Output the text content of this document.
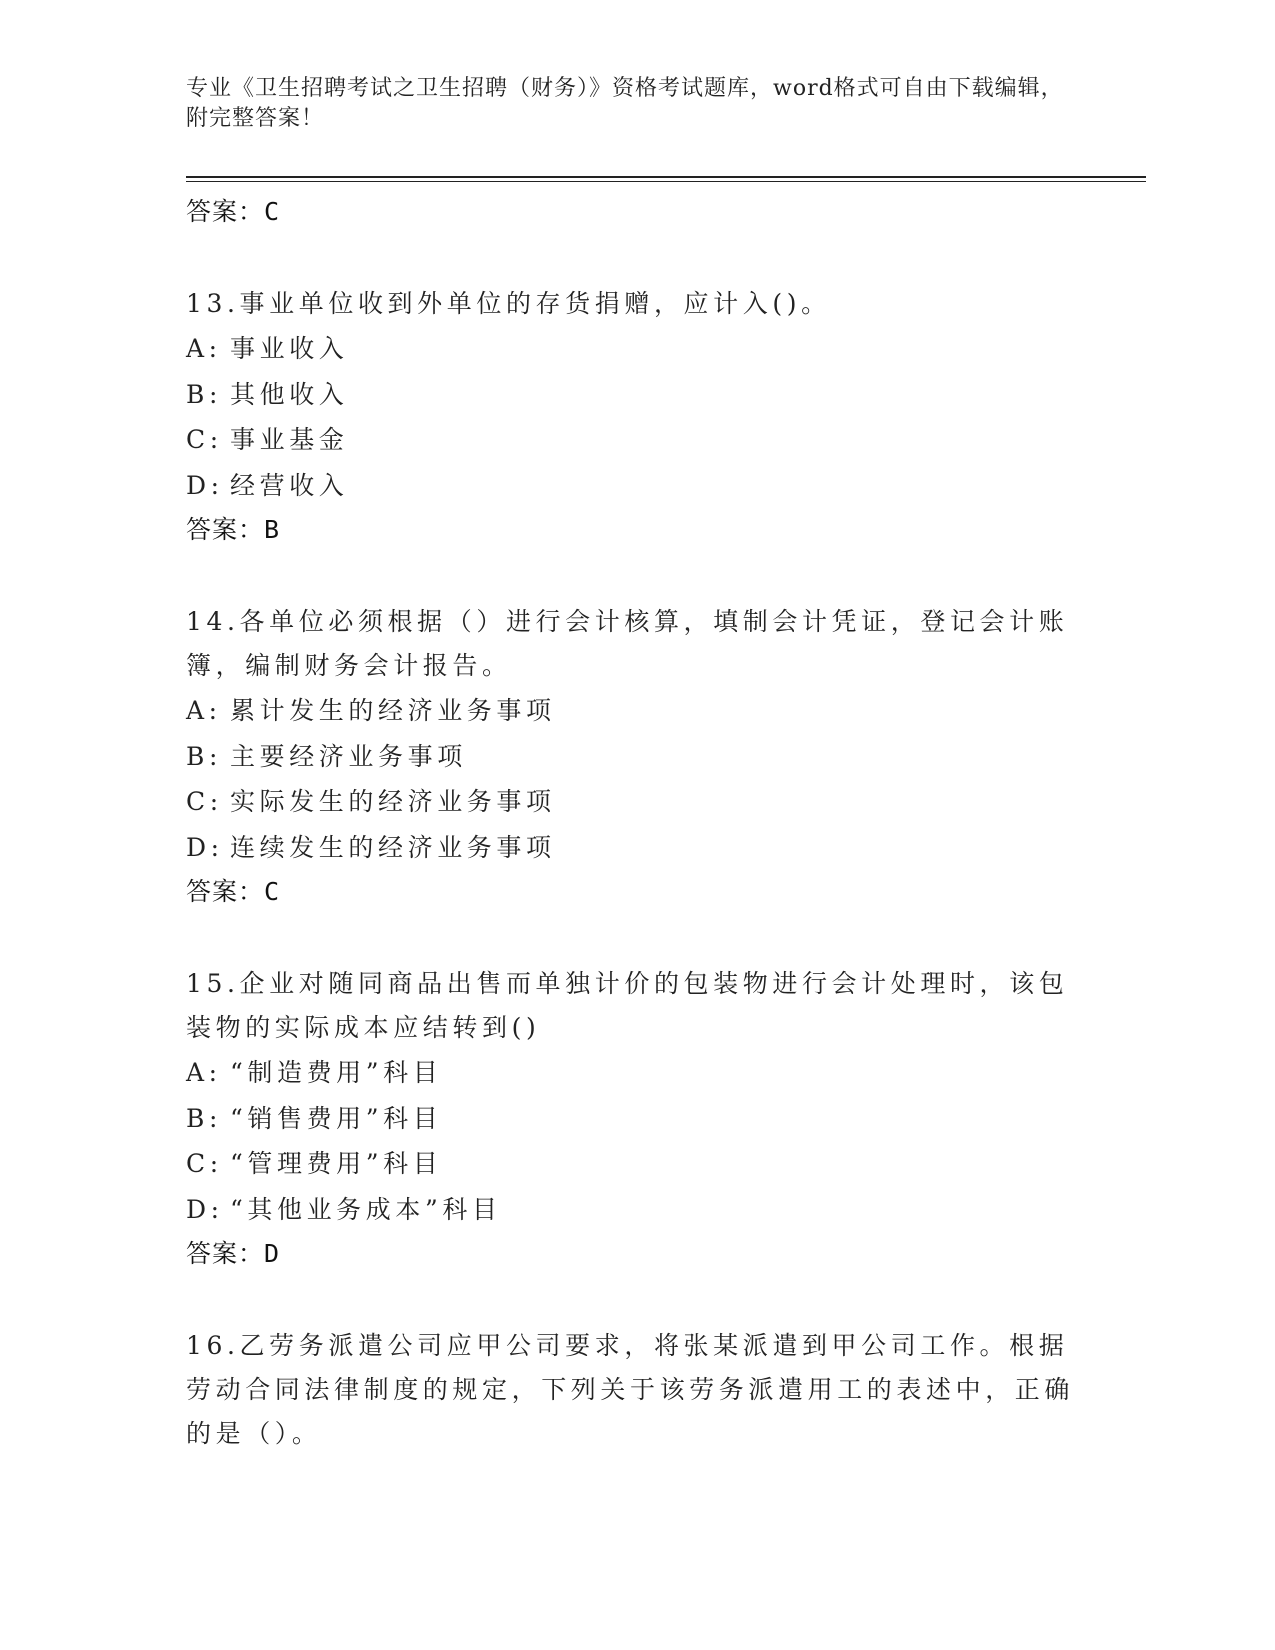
专业《卫生招聘考试之卫生招聘（财务）》资格考试题库，word格式可自由下载编辑，附完整答案！

答案：C

13.事业单位收到外单位的存货捐赠，应计入()。

A: 事业收入

B: 其他收入

C: 事业基金

D: 经营收入

答案：B

14.各单位必须根据（）进行会计核算，填制会计凭证，登记会计账簿，编制财务会计报告。

A: 累计发生的经济业务事项

B: 主要经济业务事项

C: 实际发生的经济业务事项

D: 连续发生的经济业务事项

答案：C

15.企业对随同商品出售而单独计价的包装物进行会计处理时，该包装物的实际成本应结转到()

A: “制造费用”科目

B: “销售费用”科目

C: “管理费用”科目

D: “其他业务成本”科目

答案：D

16.乙劳务派遣公司应甲公司要求，将张某派遣到甲公司工作。根据劳动合同法律制度的规定，下列关于该劳务派遣用工的表述中，正确的是（）。
